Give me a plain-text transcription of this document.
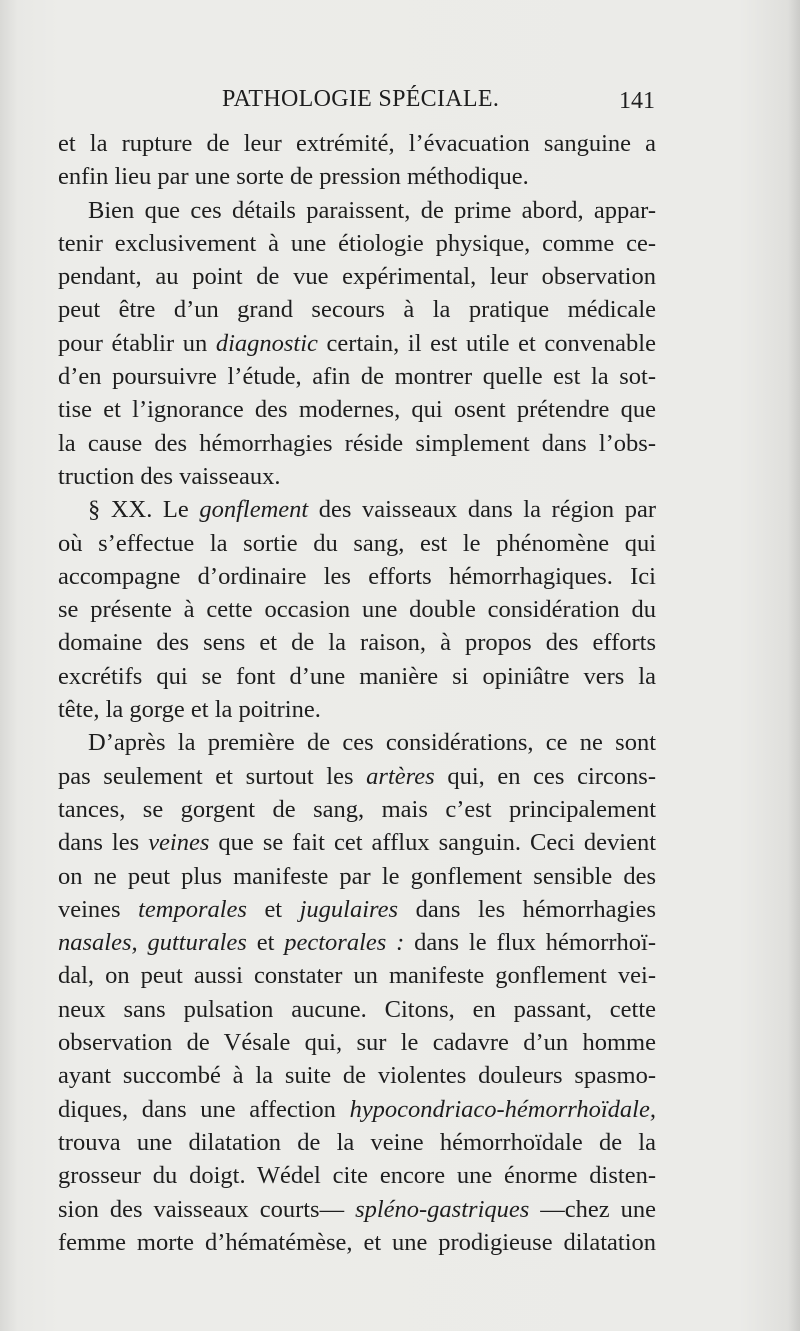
PATHOLOGIE SPÉCIALE.	141
et la rupture de leur extrémité, l’évacuation sanguine a
enfin lieu par une sorte de pression méthodique.
Bien que ces détails paraissent, de prime abord, appar-
tenir exclusivement à une étiologie physique, comme ce-
pendant, au point de vue expérimental, leur observation
peut être d’un grand secours à la pratique médicale
pour établir un diagnostic certain, il est utile et convenable
d’en poursuivre l’étude, afin de montrer quelle est la sot-
tise et l’ignorance des modernes, qui osent prétendre que
la cause des hémorrhagies réside simplement dans l’obs-
truction des vaisseaux.
§ XX. Le gonflement des vaisseaux dans la région par
où s’effectue la sortie du sang, est le phénomène qui
accompagne d’ordinaire les efforts hémorrhagiques. Ici
se présente à cette occasion une double considération du
domaine des sens et de la raison, à propos des efforts
excrétifs qui se font d’une manière si opiniâtre vers la
tête, la gorge et la poitrine.
D’après la première de ces considérations, ce ne sont
pas seulement et surtout les artères qui, en ces circons-
tances, se gorgent de sang, mais c’est principalement
dans les veines que se fait cet afflux sanguin. Ceci devient
on ne peut plus manifeste par le gonflement sensible des
veines temporales et jugulaires dans les hémorrhagies
nasales, gutturales et pectorales : dans le flux hémorrhoï-
dal, on peut aussi constater un manifeste gonflement vei-
neux sans pulsation aucune. Citons, en passant, cette
observation de Vésale qui, sur le cadavre d’un homme
ayant succombé à la suite de violentes douleurs spasmo-
diques, dans une affection hypocondriaco-hémorrhoïdale,
trouva une dilatation de la veine hémorrhoïdale de la
grosseur du doigt. Wédel cite encore une énorme disten-
sion des vaisseaux courts— spléno-gastriques —chez une
femme morte d’hématémèse, et une prodigieuse dilatation
